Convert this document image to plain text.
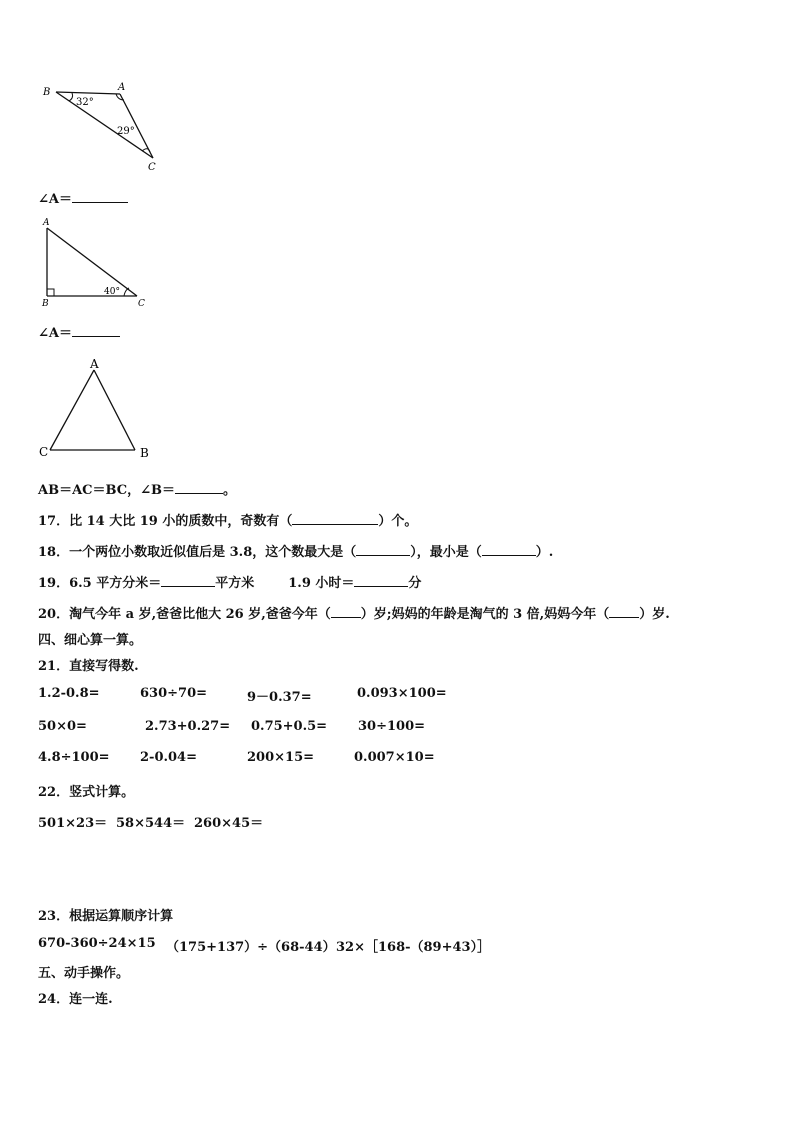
B	A
C
32°
29°
∠A＝
A
B	C
40°
∠A＝
A
C	B
AB＝AC＝BC，∠B＝	。
17．比 14 大比 19 小的质数中，奇数有（	）个。
18．一个两位小数取近似值后是 3.8，这个数最大是（	），最小是（	）.
19．6.5 平方分米＝	平方米	1.9 小时＝	分
20．淘气今年 a 岁,爸爸比他大 26 岁,爸爸今年（ ）岁;妈妈的年龄是淘气的 3 倍,妈妈今年（ ）岁.
四、细心算一算。
21．直接写得数.
1.2-0.8=	630÷70=	9－0.37=	0.093×100=
50×0=	2.73+0.27= 0.75+0.5= 30÷100=
4.8÷100= 2-0.04=	200×15=	0.007×10=
22．竖式计算。
501×23＝ 58×544＝ 260×45＝
23．根据运算顺序计算
670-360÷24×15 （175+137）÷（68-44） 32×［168-（89+43）］
五、动手操作。
24．连一连.
